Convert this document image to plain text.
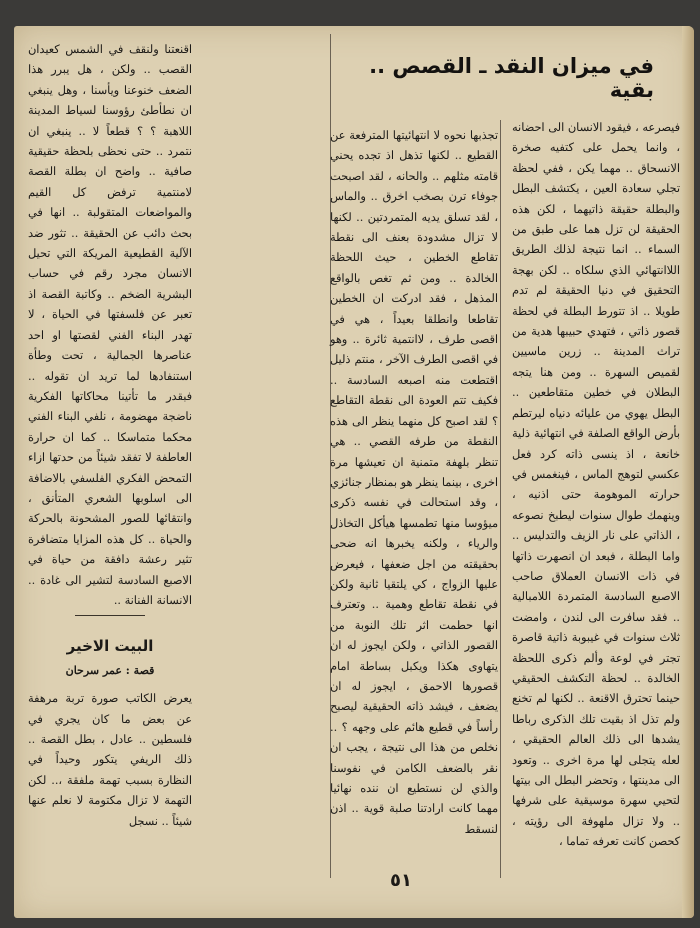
في ميزان النقد ـ القصص .. بقية

فيصرعه ، فيقود الانسان الى احضانه ، وانما يحمل على كتفيه صخرة الانسحاق .. مهما يكن ، ففي لحظة تجلي سعادة العين ، يكتشف البطل والبطلة حقيقة ذاتيهما ، لكن هذه الحقيقة لن تزل هما على طبق من السماء .. انما نتيجة لذلك الطريق اللاانتهائي الذي سلكاه .. لكن بهجة التحقيق في دنيا الحقيقة لم تدم طويلا .. اذ تتورط البطلة في لحظة قصور ذاتي ، فتهدي حبيبها هدية من تراث المدينة .. زرين ماسيين لقميص السهرة .. ومن هنا يتجه البطلان في خطين متقاطعين .. البطل يهوي من عليائه دنياه ليرتطم بأرض الواقع الصلفة في انتهائية ذلية خانعة ، اذ ينسى ذاته كرد فعل عكسي لتوهج الماس ، فينغمس في حرارته الموهومة حتى اذنيه ، وينهمك طوال سنوات ليطبخ نصوعه ، الذاتي على نار الزيف والتدليس .. واما البطلة ، فبعد ان انصهرت ذاتها في ذات الانسان العملاق صاحب الاصبع السادسة المتمردة اللامبالية .. فقد سافرت الى لندن ، وامضت ثلاث سنوات في غيبوبة ذاتية قاصرة تجتر في لوعة وألم ذكرى اللحظة الخالدة .. لحظة التكشف الحقيقي حينما تحترق الاقنعة .. لكنها لم تخنع ولم تذل اذ بقيت تلك الذكرى رباطا يشدها الى ذلك العالم الحقيقي ، لعله يتجلى لها مرة اخرى .. وتعود الى مدينتها ، وتحضر البطل الى بيتها لتحيي سهرة موسيقية على شرفها .. ولا تزال ملهوفة الى رؤيته ، كحصن كانت تعرفه تماما ،

تجذبها نحوه لا انتهائيتها المترفعة عن القطيع .. لكنها تذهل اذ تجده يحني قامته مثلهم .. والحانه ، لقد اصبحت جوفاء ترن بصخب اخرق .. والماس ، لقد تسلق يديه المتمردتين .. لكنها لا تزال مشدودة بعنف الى نقطة تقاطع الخطين ، حيث اللحظة الخالدة .. ومن ثم تغص بالواقع المذهل ، فقد ادركت ان الخطين تقاطعا وانطلقا بعيداً ، هي في اقصى طرف ، لاانتمية ثائرة .. وهو في اقصى الطرف الآخر ، منتم ذليل اقتطعت منه اصبعه السادسة .. فكيف تتم العودة الى نقطة التقاطع ؟ لقد اصبح كل منهما ينظر الى هذه النقطة من طرفه القصي .. هي تنظر بلهفة متمنية ان تعيشها مرة اخرى ، بينما ينظر هو بمنظار جنائزي ، وقد استحالت في نفسه ذكرى ميؤوسا منها تطمسها هيأكل التخاذل والرياء ، ولكنه يخبرها انه ضحى بحقيقته من اجل ضعفها ، فيعرض عليها الزواج ، كي يلتقيا ثانية ولكن في نقطة تقاطع وهمية .. وتعترف انها حطمت اثر تلك النوبة من القصور الذاتي ، ولكن ايجوز له ان يتهاوى هكذا ويكبل بساطة امام قصورها الاحمق ، ايجوز له ان يضعف ، فيشد ذاته الحقيقية ليصبح رأساً في قطيع هائم على وجهه ؟ .. نخلص من هذا الى نتيجة ، يجب ان نقر بالضعف الكامن في نفوسنا والذي لن نستطيع ان ننده نهائيا مهما كانت ارادتنا صلبة قوية .. اذن لنسقط

اقنعتنا ولنقف في الشمس كعيدان القصب .. ولكن ، هل يبرر هذا الضعف خنوعنا ويأسنا ، وهل ينبغي ان نطأطئ رؤوسنا لسياط المدينة اللاهبة ؟ ؟ قطعاً لا .. ينبغي ان نتمرد .. حتى نحظى بلحظة حقيقية صافية .. واضح ان بطلة القصة لامنتمية ترفض كل القيم والمواضعات المتقولبة .. انها في بحث دائب عن الحقيقة .. تثور ضد الآلية القطيعية المريكة التي تحيل الانسان مجرد رقم في حساب البشرية الضخم .. وكاتبة القصة اذ تعبر عن فلسفتها في الحياة ، لا تهدر البناء الفني لقصتها او احد عناصرها الجمالية ، تحت وطأة استنفادها لما تريد ان تقوله .. فبقدر ما تأتينا محاكاتها الفكرية ناضجة مهضومة ، نلفي البناء الفني محكما متماسكا .. كما ان حرارة العاطفة لا تفقد شيئاً من حدتها ازاء التمحض الفكري الفلسفي بالاضافة الى اسلوبها الشعري المتأنق ، وانتقائها للصور المشحونة بالحركة والحياة .. كل هذه المزايا متضافرة تثير رعشة دافقة من حياة في الاصبع السادسة لتشير الى غادة .. الانسانة الفنانة ..

البيت الاخير
قصة : عمر سرحان

يعرض الكاتب صورة تربة مرهفة عن بعض ما كان يجري في فلسطين .. عادل ، بطل القصة .. ذلك الريفي يتكور وحيداً في النظارة بسبب تهمة ملفقة ،.. لكن التهمة لا تزال مكتومة لا نعلم عنها شيئاً .. نسجل

٥١
